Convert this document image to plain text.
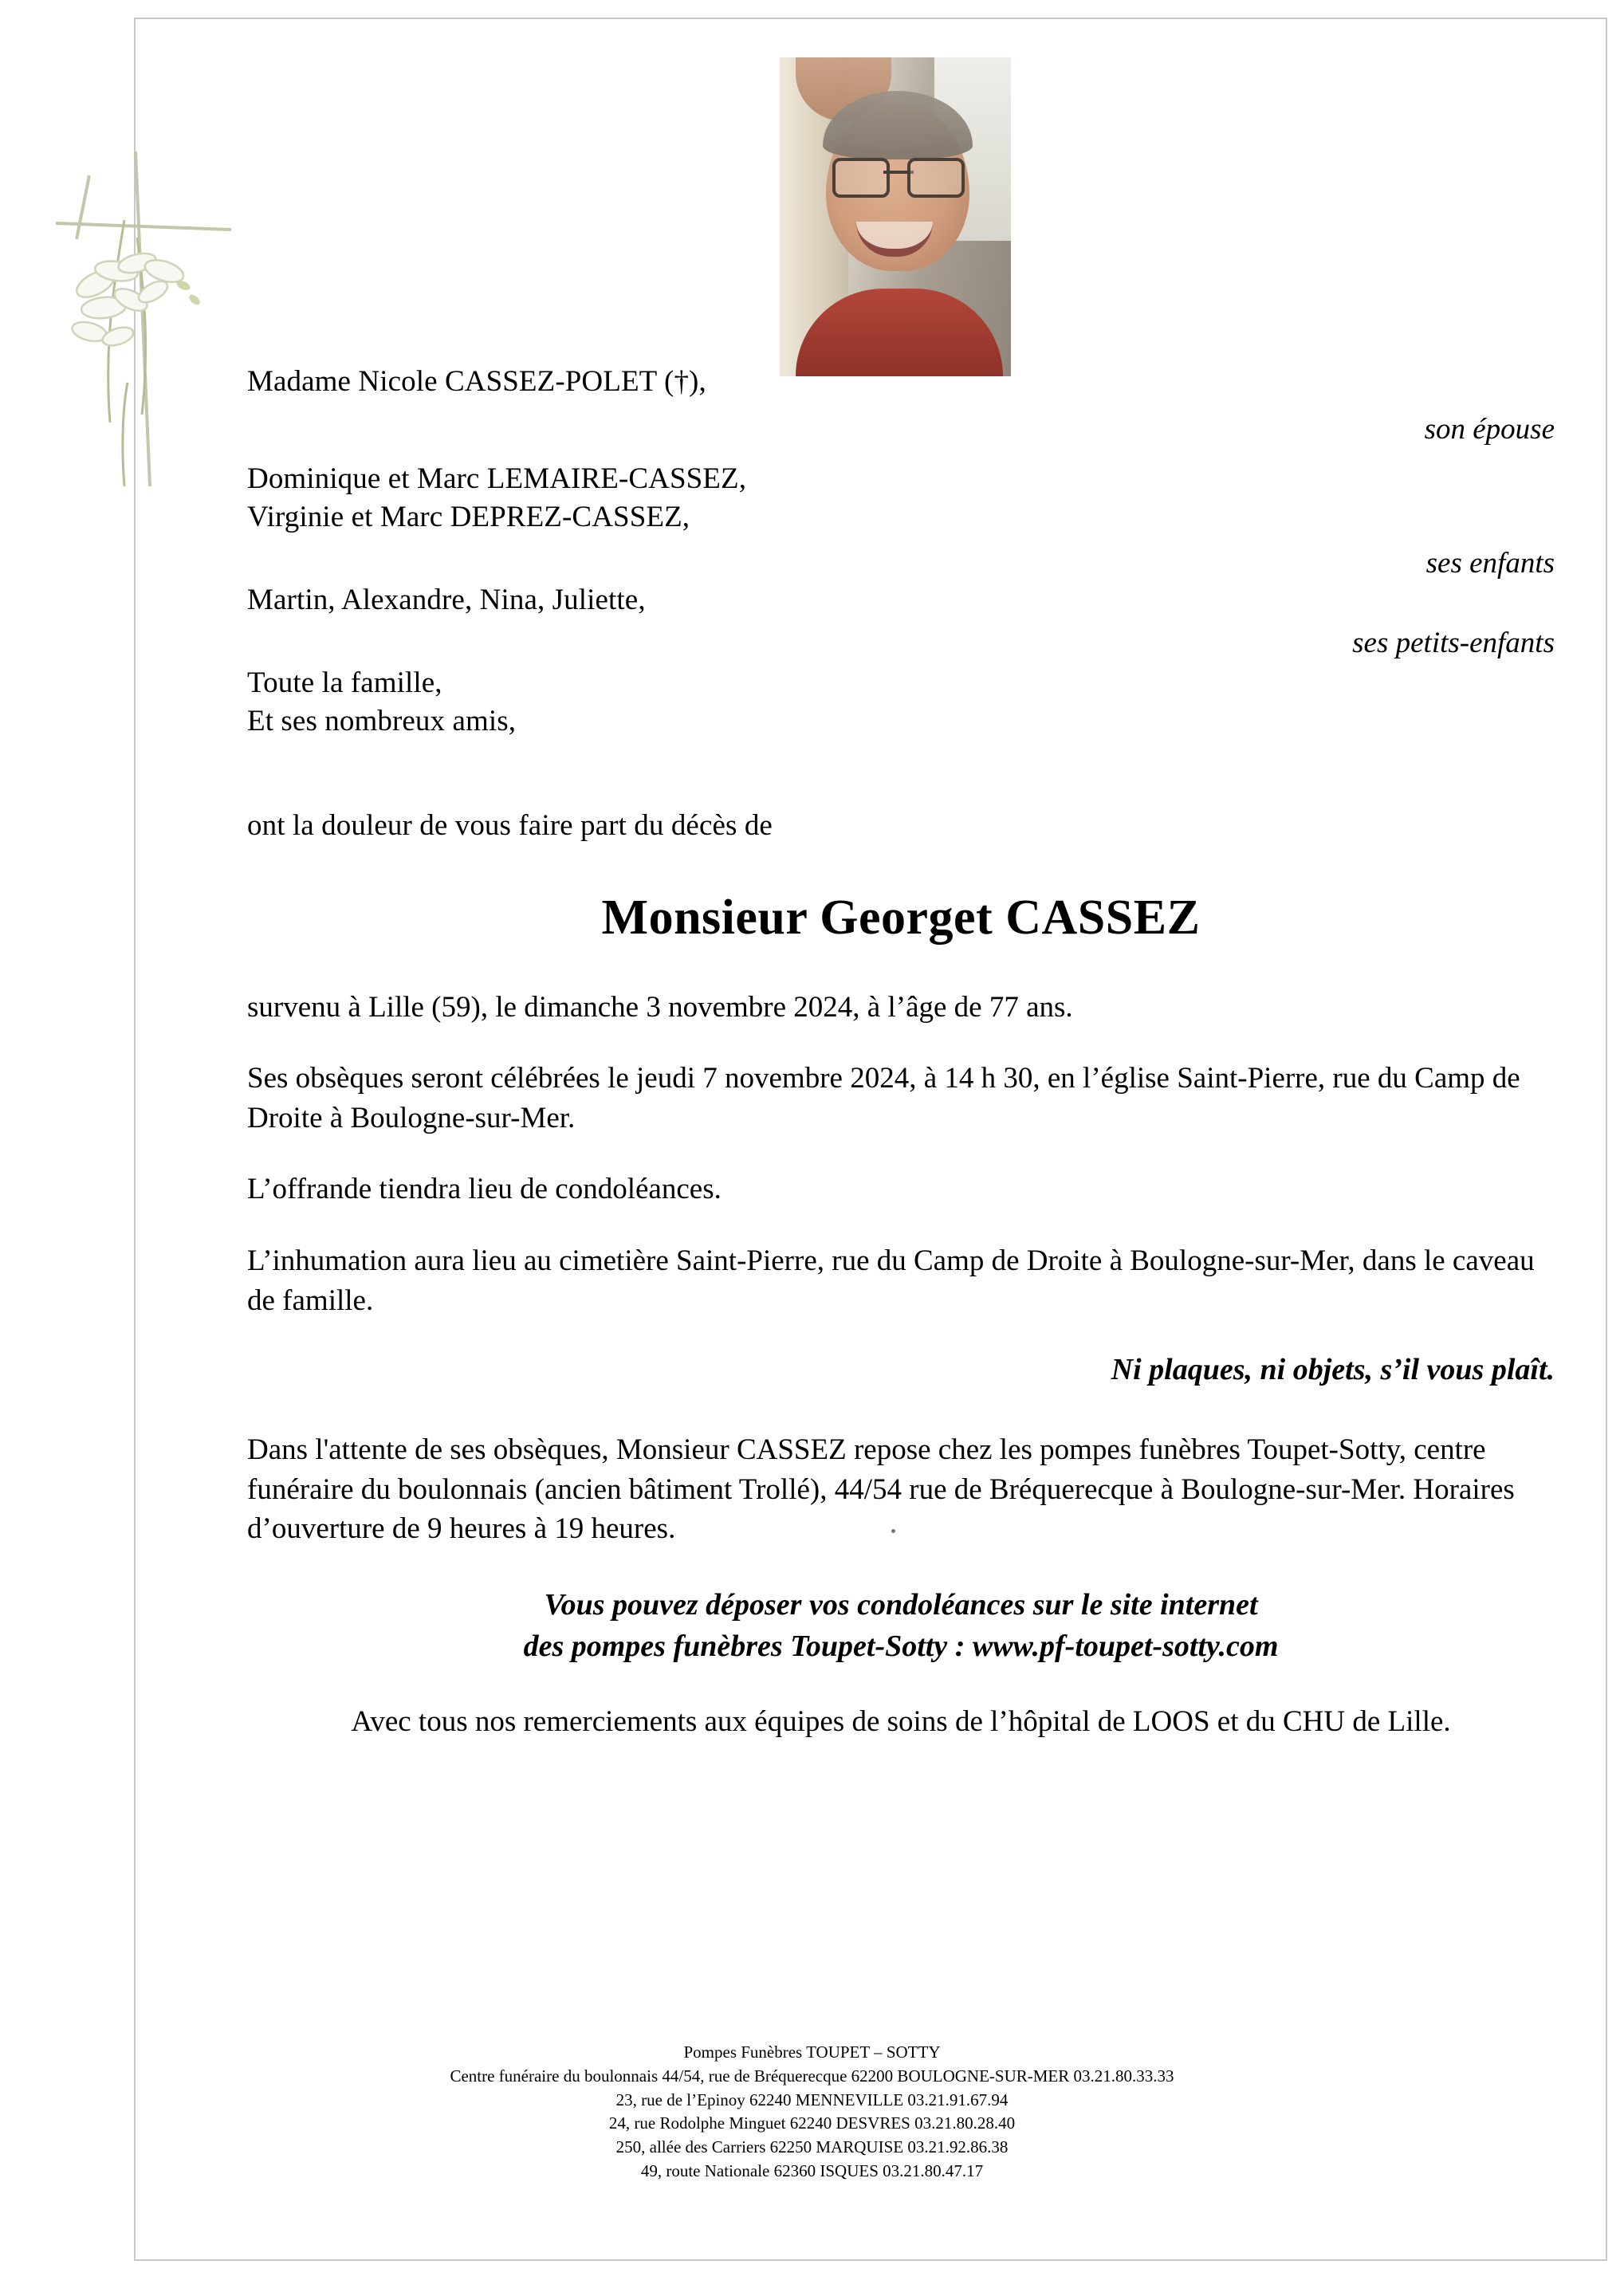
Madame Nicole CASSEZ-POLET (†),
son épouse
Dominique et Marc LEMAIRE-CASSEZ,
Virginie et Marc DEPREZ-CASSEZ,
ses enfants
Martin, Alexandre, Nina, Juliette,
ses petits-enfants
Toute la famille,
Et ses nombreux amis,
ont la douleur de vous faire part du décès de
Monsieur Georget CASSEZ
survenu à Lille (59), le dimanche 3 novembre 2024, à l’âge de 77 ans.
Ses obsèques seront célébrées le jeudi 7 novembre 2024, à 14 h 30, en l’église Saint-Pierre, rue du Camp de Droite à Boulogne-sur-Mer.
L’offrande tiendra lieu de condoléances.
L’inhumation aura lieu au cimetière Saint-Pierre, rue du Camp de Droite à Boulogne-sur-Mer, dans le caveau de famille.
Ni plaques, ni objets, s’il vous plaît.
Dans l'attente de ses obsèques, Monsieur CASSEZ repose chez les pompes funèbres Toupet-Sotty, centre funéraire du boulonnais (ancien bâtiment Trollé), 44/54 rue de Bréquerecque à Boulogne-sur-Mer. Horaires d’ouverture de 9 heures à 19 heures.
Vous pouvez déposer vos condoléances sur le site internet
des pompes funèbres Toupet-Sotty : www.pf-toupet-sotty.com
Avec tous nos remerciements aux équipes de soins de l’hôpital de LOOS et du CHU de Lille.
Pompes Funèbres TOUPET – SOTTY
Centre funéraire du boulonnais 44/54, rue de Bréquerecque 62200 BOULOGNE-SUR-MER 03.21.80.33.33
23, rue de l’Epinoy 62240 MENNEVILLE 03.21.91.67.94
24, rue Rodolphe Minguet 62240 DESVRES 03.21.80.28.40
250, allée des Carriers 62250 MARQUISE 03.21.92.86.38
49, route Nationale 62360 ISQUES 03.21.80.47.17
